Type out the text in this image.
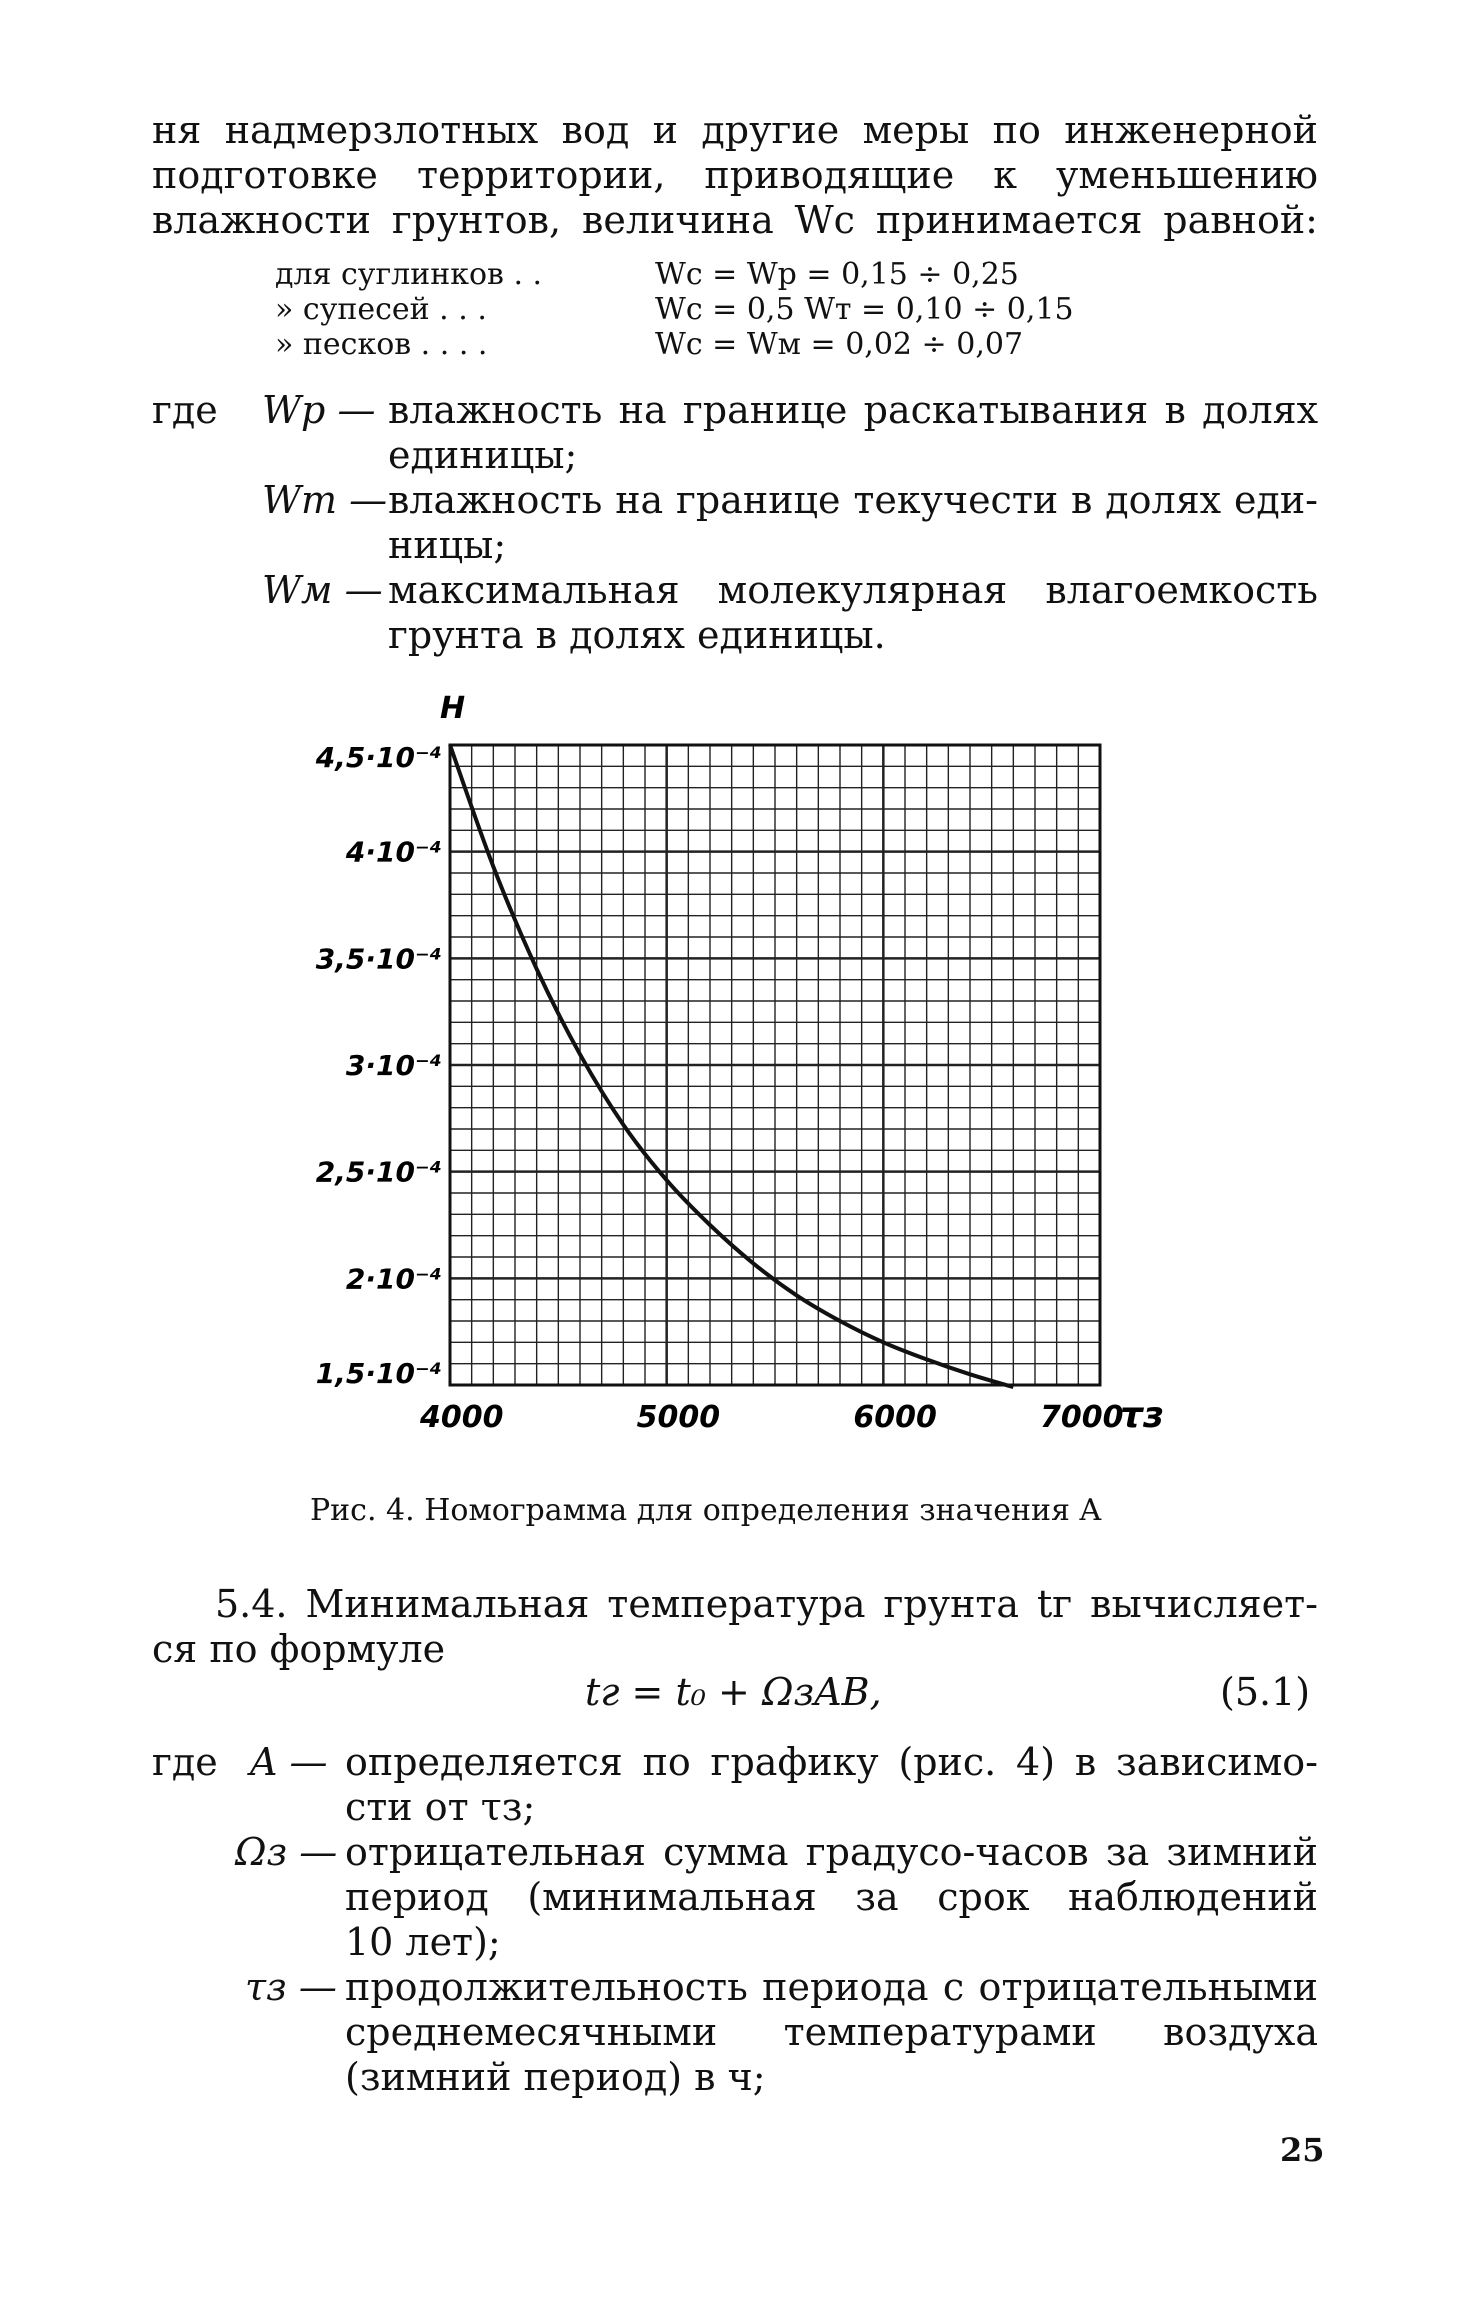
ня надмерзлотных вод и другие меры по инженерной
подготовке территории, приводящие к уменьшению
влажности грунтов, величина Wс принимается равной:
для суглинков . .	Wс = Wр = 0,15 ÷ 0,25
» супесей . . .	Wс = 0,5 Wт = 0,10 ÷ 0,15
» песков . . . .	Wс = Wм = 0,02 ÷ 0,07
где Wр — влажность на границе раскатывания в долях
единицы;
Wт — влажность на границе текучести в долях еди-
ницы;
Wм — максимальная молекулярная влагоемкость
грунта в долях единицы.
4000	5000	6000	7000
4,5·10⁻⁴
4·10⁻⁴
3,5·10⁻⁴
3·10⁻⁴
2,5·10⁻⁴
2·10⁻⁴
1,5·10⁻⁴
H
τз
Рис. 4. Номограмма для определения значения A
5.4. Минимальная температура грунта tг вычисляет-
ся по формуле
tг = t₀ + ΩзAB,	(5.1)
где A — определяется по графику (рис. 4) в зависимо-
сти от τз;
Ωз — отрицательная сумма градусо-часов за зимний
период (минимальная за срок наблюдений
10 лет);
τз — продолжительность периода с отрицательными
среднемесячными температурами воздуха
(зимний период) в ч;
25
